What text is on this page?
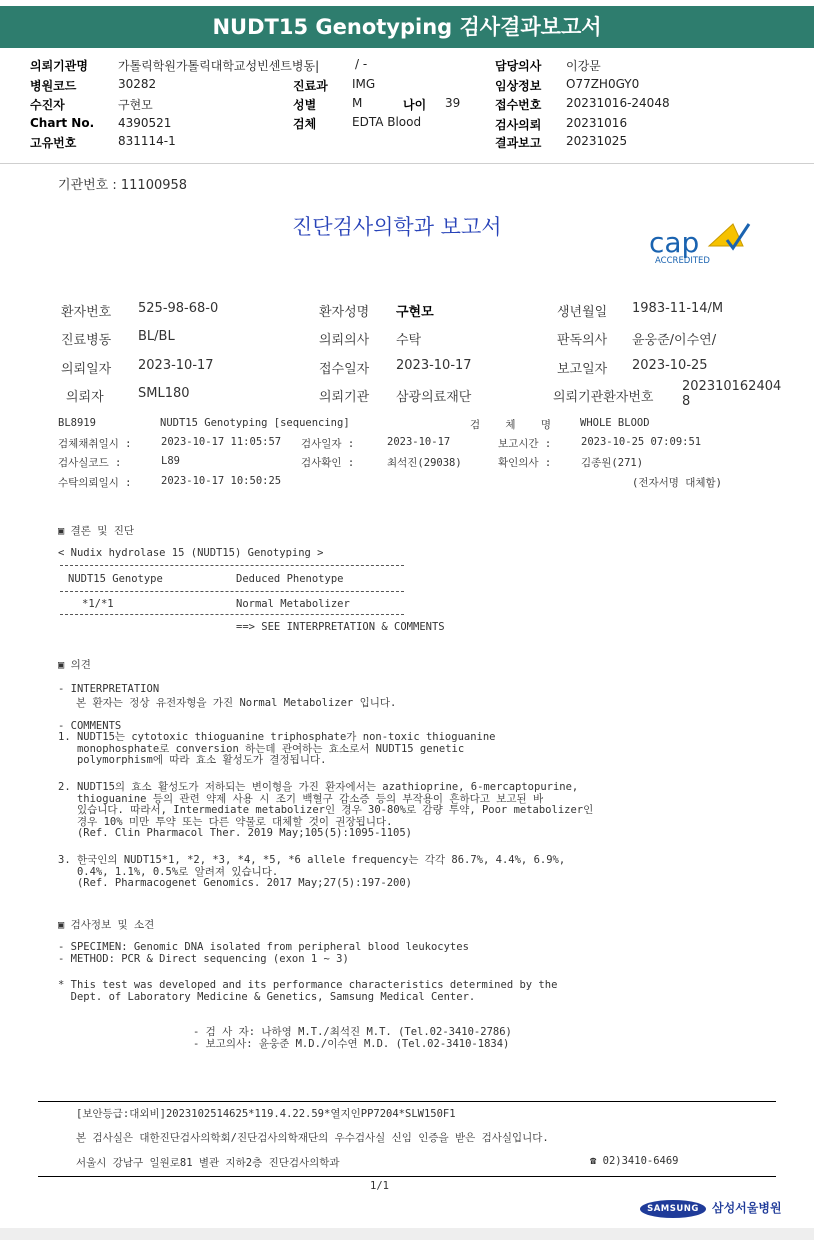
NUDT15 Genotyping 검사결과보고서
의뢰기관명	가톨릭학원가톨릭대학교성빈센트병동|	/ -
병원코드	30282	진료과 IMG
수진자	구현모	성별	M	나이 39
Chart No. 4390521	검체	EDTA Blood
고유번호	831114-1
담당의사 이강문
임상정보 O77ZH0GY0
접수번호 20231016-24048
검사의뢰 20231016
결과보고 20231025
기관번호 : 11100958
진단검사의학과 보고서	cap
ACCREDITED
환자번호 525-98-68-0	환자성명 구현모	생년월일 1983-11-14/M
진료병동 BL/BL	의뢰의사 수탁	판독의사 윤웅준/이수연/
의뢰일자 2023-10-17	접수일자 2023-10-17	보고일자 2023-10-25
의뢰자	SML180	의뢰기관 삼광의료재단	의뢰기관환자번호
202310162404
8
BL8919	NUDT15 Genotyping [sequencing]	검    체    명	WHOLE BLOOD
검체채취일시 :	2023-10-17 11:05:57 검사일자 :	2023-10-17	보고시간 :	2023-10-25 07:09:51
검사실코드 :	L89	검사확인 :	최석진(29038)	확인의사 :	김종원(271)
수탁의뢰일시 :	2023-10-17 10:50:25	(전자서명 대체함)
▣ 결론 및 진단
< Nudix hydrolase 15 (NUDT15) Genotyping >
NUDT15 Genotype	Deduced Phenotype
*1/*1	Normal Metabolizer
==> SEE INTERPRETATION & COMMENTS
▣ 의견
- INTERPRETATION
본 환자는 정상 유전자형을 가진 Normal Metabolizer 입니다.
- COMMENTS
1. NUDT15는 cytotoxic thioguanine triphosphate가 non-toxic thioguanine
monophosphate로 conversion 하는데 관여하는 효소로서 NUDT15 genetic
polymorphism에 따라 효소 활성도가 결정됩니다.
2. NUDT15의 효소 활성도가 저하되는 변이형을 가진 환자에서는 azathioprine, 6-mercaptopurine,
thioguanine 등의 관련 약제 사용 시 조기 백혈구 감소증 등의 부작용이 흔하다고 보고된 바
있습니다. 따라서, Intermediate metabolizer인 경우 30-80%로 감량 투약, Poor metabolizer인
경우 10% 미만 투약 또는 다른 약물로 대체할 것이 권장됩니다.
(Ref. Clin Pharmacol Ther. 2019 May;105(5):1095-1105)
3. 한국인의 NUDT15*1, *2, *3, *4, *5, *6 allele frequency는 각각 86.7%, 4.4%, 6.9%,
0.4%, 1.1%, 0.5%로 알려져 있습니다.
(Ref. Pharmacogenet Genomics. 2017 May;27(5):197-200)
▣ 검사정보 및 소견
- SPECIMEN: Genomic DNA isolated from peripheral blood leukocytes
- METHOD: PCR & Direct sequencing (exon 1 ~ 3)
* This test was developed and its performance characteristics determined by the
Dept. of Laboratory Medicine & Genetics, Samsung Medical Center.
- 검 사 자: 나하영 M.T./최석진 M.T. (Tel.02-3410-2786)
- 보고의사: 윤웅준 M.D./이수연 M.D. (Tel.02-3410-1834)
[보안등급:대외비]2023102514625*119.4.22.59*열지인PP7204*SLW150F1
본 검사실은 대한진단검사의학회/진단검사의학재단의 우수검사실 신임 인증을 받은 검사실입니다.
서울시 강남구 일원로81 별관 지하2층 진단검사의학과	☎ 02)3410-6469
1/1
SAMSUNG	삼성서울병원
